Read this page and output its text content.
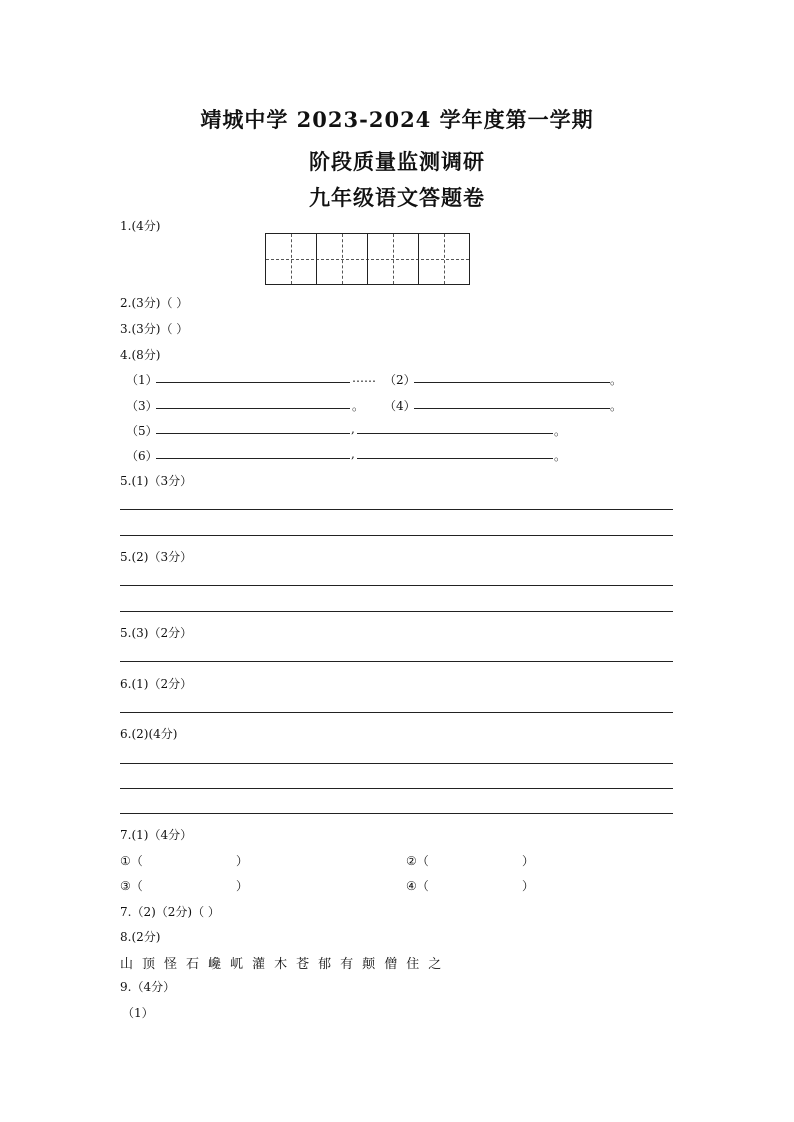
靖城中学 2023-2024 学年度第一学期
阶段质量监测调研
九年级语文答题卷
1.(4分)
2.(3分)（ ）
3.(3分)（ ）
4.(8分)
（1）	…… （2）	。
（3）	。 （4）	。
（5）	,	。
（6）	,	。
5.(1)（3分）
5.(2)（3分）
5.(3)（2分）
6.(1)（2分）
6.(2)(4分)
7.(1)（4分）
①（	）	②（	）
③（	）	④（	）
7.（2)（2分)（ ）
8.(2分)
山 顶 怪 石 巉 屼 灌 木 苍 郁 有 颠 僧 住 之
9.（4分）
（1）
